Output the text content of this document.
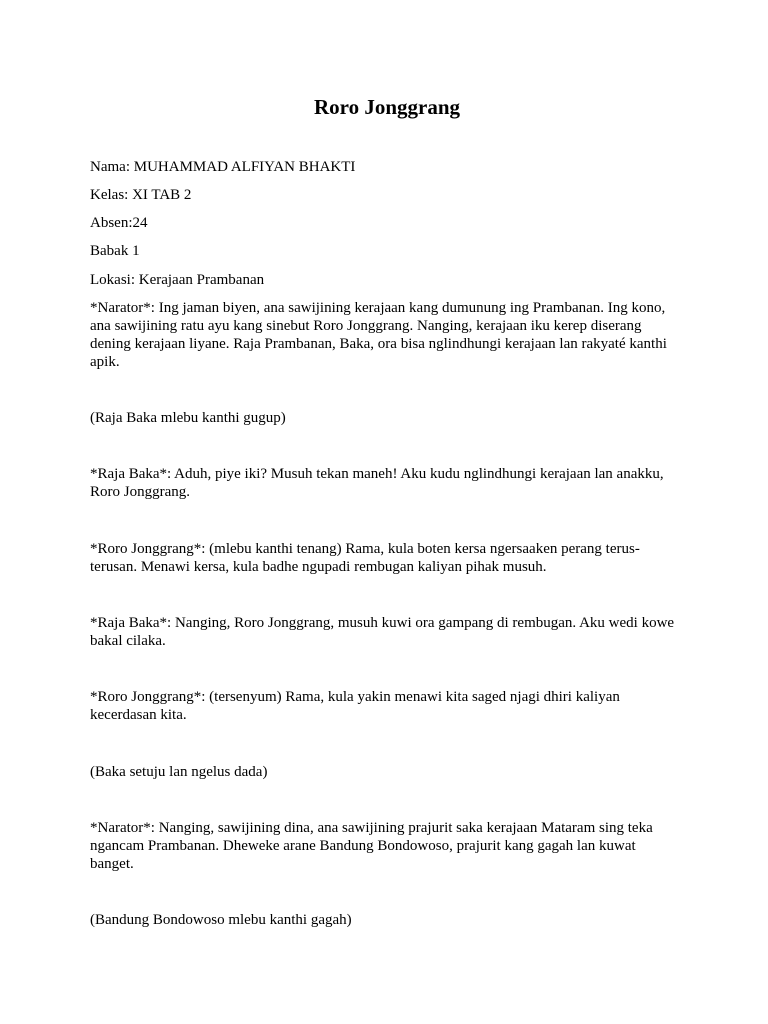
Roro Jonggrang

Nama: MUHAMMAD ALFIYAN BHAKTI

Kelas: XI TAB 2

Absen:24

Babak 1

Lokasi: Kerajaan Prambanan

*Narator*: Ing jaman biyen, ana sawijining kerajaan kang dumunung ing Prambanan. Ing kono, ana sawijining ratu ayu kang sinebut Roro Jonggrang. Nanging, kerajaan iku kerep diserang dening kerajaan liyane. Raja Prambanan, Baka, ora bisa nglindhungi kerajaan lan rakyaté kanthi apik.

(Raja Baka mlebu kanthi gugup)

*Raja Baka*: Aduh, piye iki? Musuh tekan maneh! Aku kudu nglindhungi kerajaan lan anakku, Roro Jonggrang.

*Roro Jonggrang*: (mlebu kanthi tenang) Rama, kula boten kersa ngersaaken perang terus-terusan. Menawi kersa, kula badhe ngupadi rembugan kaliyan pihak musuh.

*Raja Baka*: Nanging, Roro Jonggrang, musuh kuwi ora gampang di rembugan. Aku wedi kowe bakal cilaka.

*Roro Jonggrang*: (tersenyum) Rama, kula yakin menawi kita saged njagi dhiri kaliyan kecerdasan kita.

(Baka setuju lan ngelus dada)

*Narator*: Nanging, sawijining dina, ana sawijining prajurit saka kerajaan Mataram sing teka ngancam Prambanan. Dheweke arane Bandung Bondowoso, prajurit kang gagah lan kuwat banget.

(Bandung Bondowoso mlebu kanthi gagah)
